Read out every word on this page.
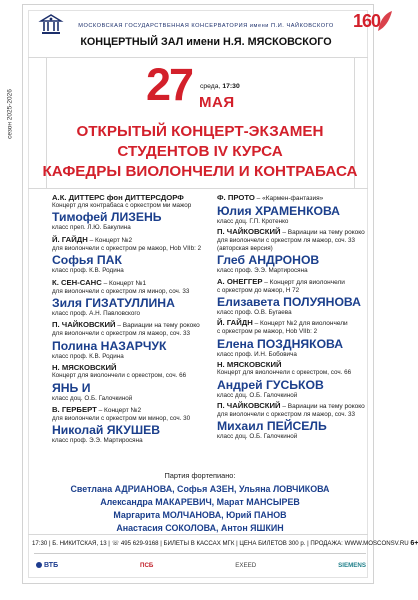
160
МОСКОВСКАЯ ГОСУДАРСТВЕННАЯ КОНСЕРВАТОРИЯ имени П.И. ЧАЙКОВСКОГО
КОНЦЕРТНЫЙ ЗАЛ имени Н.Я. МЯСКОВСКОГО
сезон 2025-2026
27 среда, 17:30
МАЯ
ОТКРЫТЫЙ КОНЦЕРТ-ЭКЗАМЕН
СТУДЕНТОВ IV КУРСА
КАФЕДРЫ ВИОЛОНЧЕЛИ И КОНТРАБАСА
А.К. ДИТТЕРС фон ДИТТЕРСДОРФ
Концерт для контрабаса с оркестром ми мажор
Тимофей ЛИЗЕНЬ
класс преп. Л.Ю. Бакулина
Й. ГАЙДН – Концерт №2
для виолончели с оркестром ре мажор, Hob VIIb: 2
Софья ПАК
класс проф. К.В. Родина
К. СЕН-САНС – Концерт №1
для виолончели с оркестром ля минор, соч. 33
Зиля ГИЗАТУЛЛИНА
класс проф. А.Н. Павловского
П. ЧАЙКОВСКИЙ – Вариации на тему рококо
для виолончели с оркестром ля мажор, соч. 33
Полина НАЗАРЧУК
класс проф. К.В. Родина
Н. МЯСКОВСКИЙ
Концерт для виолончели с оркестром, соч. 66
ЯНЬ И
класс доц. О.Б. Галочкиной
В. ГЕРБЕРТ – Концерт №2
для виолончели с оркестром ми минор, соч. 30
Николай ЯКУШЕВ
класс проф. Э.Э. Мартиросяна
Ф. ПРОТО – «Кармен-фантазия»
Юлия ХРАМЕНКОВА
класс доц. Г.П. Кротенко
П. ЧАЙКОВСКИЙ – Вариации на тему рококо
для виолончели с оркестром ля мажор, соч. 33
(авторская версия)
Глеб АНДРОНОВ
класс проф. Э.Э. Мартиросяна
А. ОНЕГГЕР – Концерт для виолончели
с оркестром до мажор, H 72
Елизавета ПОЛУЯНОВА
класс проф. О.В. Бугаева
Й. ГАЙДН – Концерт №2 для виолончели
с оркестром ре мажор, Hob VIIb: 2
Елена ПОЗДНЯКОВА
класс проф. И.Н. Бобовича
Н. МЯСКОВСКИЙ
Концерт для виолончели с оркестром, соч. 66
Андрей ГУСЬКОВ
класс доц. О.Б. Галочкиной
П. ЧАЙКОВСКИЙ – Вариации на тему рококо
для виолончели с оркестром ля мажор, соч. 33
Михаил ПЕЙСЕЛЬ
класс доц. О.Б. Галочкиной
Партия фортепиано:
Светлана АДРИАНОВА, Софья АЗЕН, Ульяна ЛОВЧИКОВА
Александра МАКАРЕВИЧ, Марат МАНСЫРЕВ
Маргарита МОЛЧАНОВА, Юрий ПАНОВ
Анастасия СОКОЛОВА, Антон ЯШКИН
17:30 | Б. НИКИТСКАЯ, 13 | ☏ 495 629-9168 | БИЛЕТЫ В КАССАХ МГК | ЦЕНА БИЛЕТОВ 300 р. | ПРОДАЖА: WWW.MOSCONSV.RU 6+
ВТБ	ПСБ	EXEED	SIEMENS
